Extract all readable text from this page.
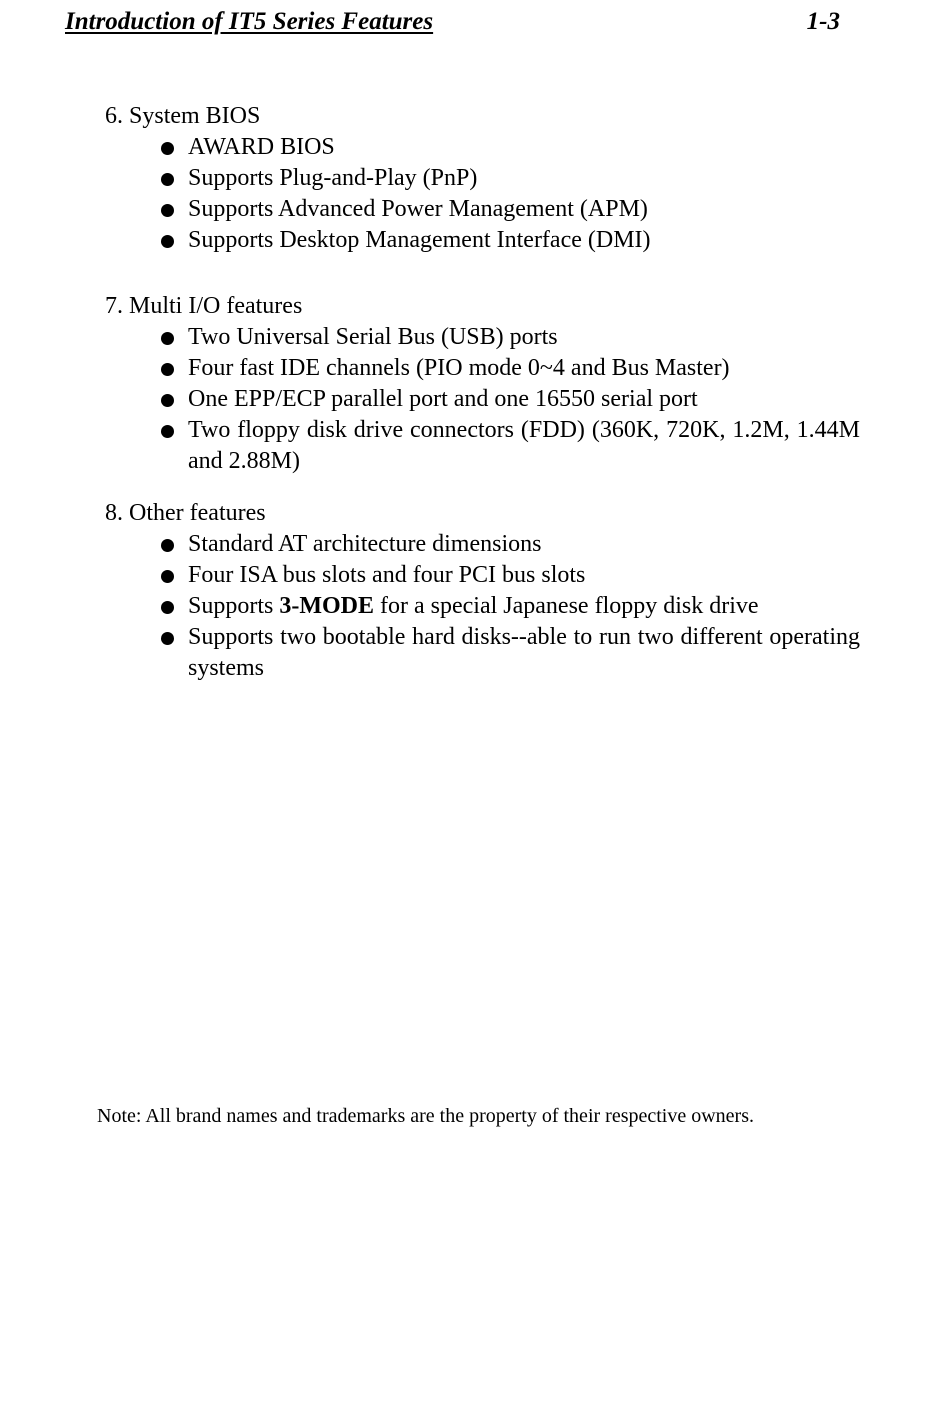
Introduction of IT5 Series Features	1-3
6. System BIOS
AWARD BIOS
Supports Plug-and-Play (PnP)
Supports Advanced Power Management (APM)
Supports Desktop Management Interface (DMI)
7. Multi I/O features
Two Universal Serial Bus (USB) ports
Four fast IDE channels (PIO mode 0~4 and Bus Master)
One EPP/ECP parallel port and one 16550 serial port
Two floppy disk drive connectors (FDD) (360K, 720K, 1.2M, 1.44M and 2.88M)
8. Other features
Standard AT architecture dimensions
Four ISA bus slots and four PCI bus slots
Supports 3-MODE for a special Japanese floppy disk drive
Supports two bootable hard disks--able to run two different operating systems
Note: All brand names and trademarks are the property of their respective owners.
